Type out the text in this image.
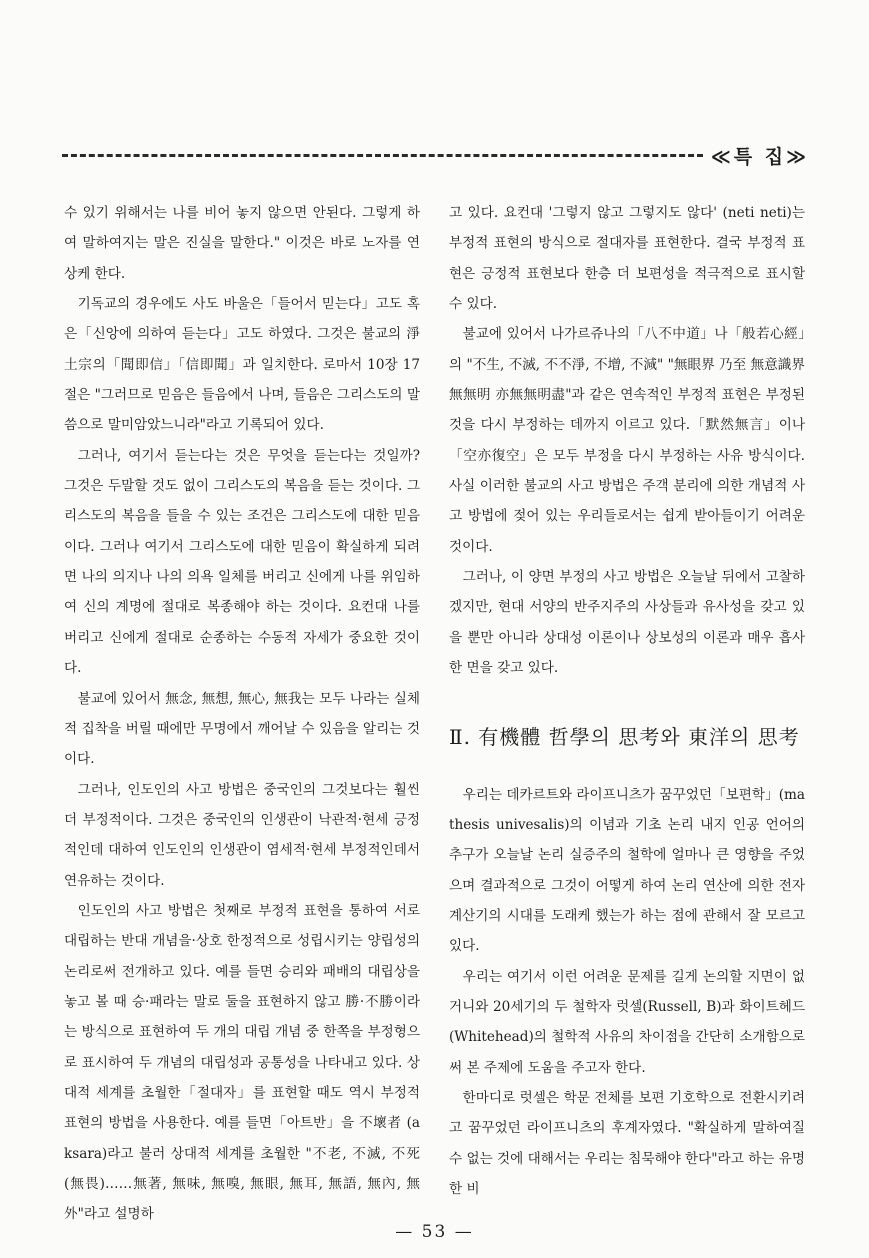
≪특 집≫

수 있기 위해서는 나를 비어 놓지 않으면 안된다. 그렇게 하여 말하여지는 말은 진실을 말한다." 이것은 바로 노자를 연상케 한다.

기독교의 경우에도 사도 바울은「들어서 믿는다」고도 혹은「신앙에 의하여 듣는다」고도 하였다. 그것은 불교의 淨土宗의「聞即信」「信即聞」과 일치한다. 로마서 10장 17절은 "그러므로 믿음은 들음에서 나며, 들음은 그리스도의 말씀으로 말미암았느니라"라고 기록되어 있다.

그러나, 여기서 듣는다는 것은 무엇을 듣는다는 것일까? 그것은 두말할 것도 없이 그리스도의 복음을 듣는 것이다. 그리스도의 복음을 들을 수 있는 조건은 그리스도에 대한 믿음이다. 그러나 여기서 그리스도에 대한 믿음이 확실하게 되려면 나의 의지나 나의 의욕 일체를 버리고 신에게 나를 위임하여 신의 계명에 절대로 복종해야 하는 것이다. 요컨대 나를 버리고 신에게 절대로 순종하는 수동적 자세가 중요한 것이다.

불교에 있어서 無念, 無想, 無心, 無我는 모두 나라는 실체적 집착을 버릴 때에만 무명에서 깨어날 수 있음을 알리는 것이다.

그러나, 인도인의 사고 방법은 중국인의 그것보다는 훨씬 더 부정적이다. 그것은 중국인의 인생관이 낙관적·현세 긍정적인데 대하여 인도인의 인생관이 염세적·현세 부정적인데서 연유하는 것이다.

인도인의 사고 방법은 첫째로 부정적 표현을 통하여 서로 대립하는 반대 개념을·상호 한정적으로 성립시키는 양립성의 논리로써 전개하고 있다. 예를 들면 승리와 패배의 대립상을 놓고 볼 때 승·패라는 말로 둘을 표현하지 않고 勝·不勝이라는 방식으로 표현하여 두 개의 대립 개념 중 한쪽을 부정형으로 표시하여 두 개념의 대립성과 공통성을 나타내고 있다. 상대적 세계를 초월한「절대자」를 표현할 때도 역시 부정적 표현의 방법을 사용한다. 예를 들면「아트반」을 不壞者 (aksara)라고 불러 상대적 세계를 초월한 "不老, 不滅, 不死(無畏)……無著, 無味, 無嗅, 無眼, 無耳, 無語, 無內, 無外"라고 설명하

고 있다. 요컨대 '그렇지 않고 그렇지도 않다' (neti neti)는 부정적 표현의 방식으로 절대자를 표현한다. 결국 부정적 표현은 긍정적 표현보다 한층 더 보편성을 적극적으로 표시할 수 있다.

불교에 있어서 나가르쥬나의「八不中道」나「般若心經」의 "不生, 不滅, 不不淨, 不增, 不減" "無眼界 乃至 無意識界 無無明 亦無無明盡"과 같은 연속적인 부정적 표현은 부정된 것을 다시 부정하는 데까지 이르고 있다.「默然無言」이나「空亦復空」은 모두 부정을 다시 부정하는 사유 방식이다. 사실 이러한 불교의 사고 방법은 주객 분리에 의한 개념적 사고 방법에 젖어 있는 우리들로서는 쉽게 받아들이기 어려운 것이다.

그러나, 이 양면 부정의 사고 방법은 오늘날 뒤에서 고찰하겠지만, 현대 서양의 반주지주의 사상들과 유사성을 갖고 있을 뿐만 아니라 상대성 이론이나 상보성의 이론과 매우 흡사한 면을 갖고 있다.

Ⅱ. 有機體 哲學의 思考와 東洋의 思考

우리는 데카르트와 라이프니츠가 꿈꾸었던「보편학」(mathesis univesalis)의 이념과 기초 논리 내지 인공 언어의 추구가 오늘날 논리 실증주의 철학에 얼마나 큰 영향을 주었으며 결과적으로 그것이 어떻게 하여 논리 연산에 의한 전자계산기의 시대를 도래케 했는가 하는 점에 관해서 잘 모르고 있다.

우리는 여기서 이런 어려운 문제를 길게 논의할 지면이 없거니와 20세기의 두 철학자 럿셀(Russell, B)과 화이트헤드(Whitehead)의 철학적 사유의 차이점을 간단히 소개함으로써 본 주제에 도움을 주고자 한다.

한마디로 럿셀은 학문 전체를 보편 기호학으로 전환시키려고 꿈꾸었던 라이프니츠의 후계자였다. "확실하게 말하여질 수 없는 것에 대해서는 우리는 침묵해야 한다"라고 하는 유명한 비

— 53 —
